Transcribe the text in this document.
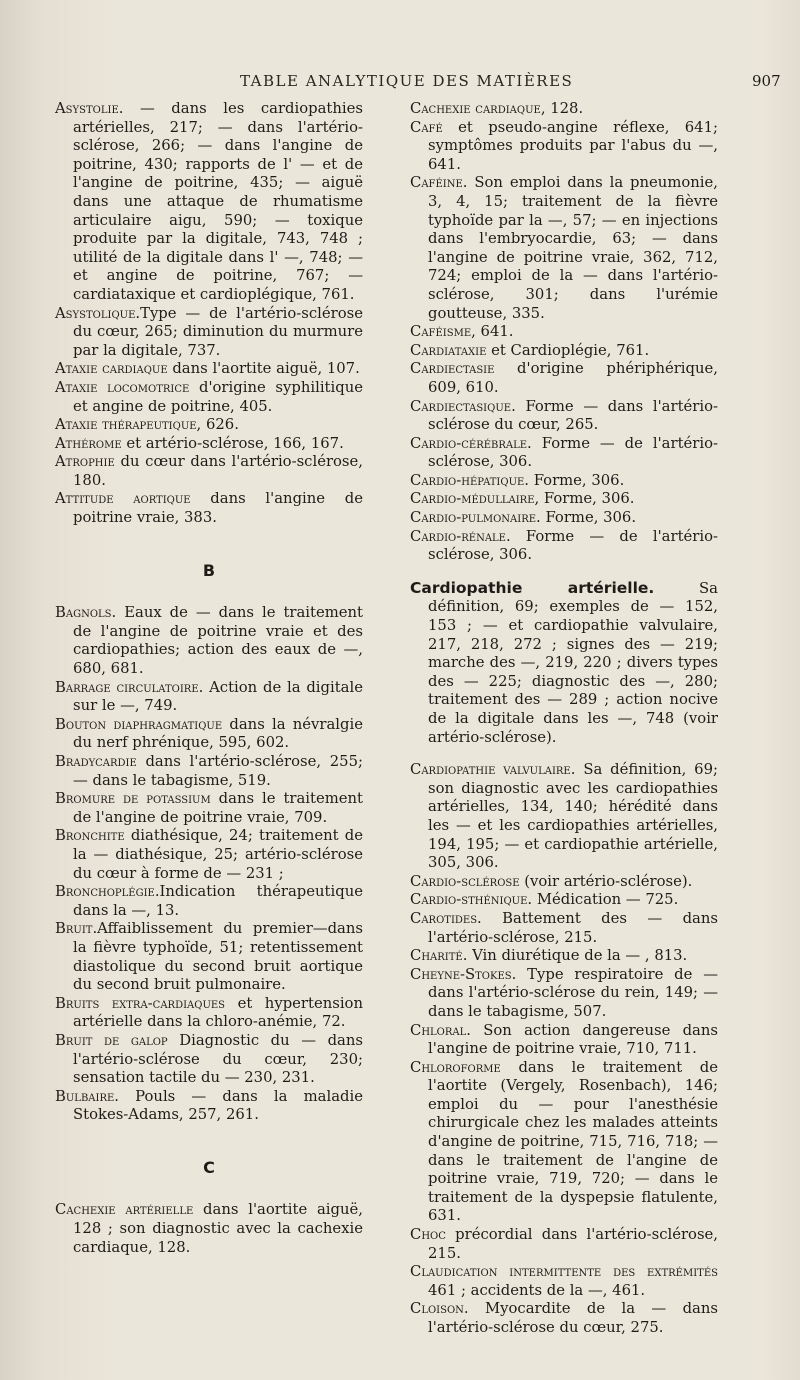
TABLE ANALYTIQUE DES MATIÈRES	907

Asystolie. — dans les cardiopathies artérielles, 217; — dans l'artério-sclérose, 266; — dans l'angine de poitrine, 430; rapports de l' — et de l'angine de poitrine, 435; — aiguë dans une attaque de rhumatisme articulaire aigu, 590; — toxique produite par la digitale, 743, 748 ; utilité de la digitale dans l' —, 748; — et angine de poitrine, 767; — cardiataxique et cardioplégique, 761.

Asystolique.Type — de l'artério-sclérose du cœur, 265; diminution du murmure par la digitale, 737.

Ataxie cardiaque dans l'aortite aiguë, 107.

Ataxie locomotrice d'origine syphilitique et angine de poitrine, 405.

Ataxie thérapeutique, 626.

Athérome et artério-sclérose, 166, 167.

Atrophie du cœur dans l'artério-sclérose, 180.

Attitude aortique dans l'angine de poitrine vraie, 383.

B

Bagnols. Eaux de — dans le traitement de l'angine de poitrine vraie et des cardiopathies; action des eaux de —, 680, 681.

Barrage circulatoire. Action de la digitale sur le —, 749.

Bouton diaphragmatique dans la névralgie du nerf phrénique, 595, 602.

Bradycardie dans l'artério-sclérose, 255; — dans le tabagisme, 519.

Bromure de potassium dans le traitement de l'angine de poitrine vraie, 709.

Bronchite diathésique, 24; traitement de la — diathésique, 25; artério-sclérose du cœur à forme de — 231 ;

Bronchoplégie.Indication thérapeutique dans la —, 13.

Bruit.Affaiblissement du premier—dans la fièvre typhoïde, 51; retentissement diastolique du second bruit aortique du second bruit pulmonaire.

Bruits extra-cardiaques et hypertension artérielle dans la chloro-anémie, 72.

Bruit de galop Diagnostic du — dans l'artério-sclérose du cœur, 230; sensation tactile du — 230, 231.

Bulbaire. Pouls — dans la maladie Stokes-Adams, 257, 261.

C

Cachexie artérielle dans l'aortite aiguë, 128 ; son diagnostic avec la cachexie cardiaque, 128.

Cachexie cardiaque, 128.

Café et pseudo-angine réflexe, 641; symptômes produits par l'abus du —, 641.

Caféine. Son emploi dans la pneumonie, 3, 4, 15; traitement de la fièvre typhoïde par la —, 57; — en injections dans l'embryocardie, 63; — dans l'angine de poitrine vraie, 362, 712, 724; emploi de la — dans l'artério-sclérose, 301; dans l'urémie goutteuse, 335.

Caféisme, 641.

Cardiataxie et Cardioplégie, 761.

Cardiectasie d'origine phériphérique, 609, 610.

Cardiectasique. Forme — dans l'artério-sclérose du cœur, 265.

Cardio-cérébrale. Forme — de l'artério-sclérose, 306.

Cardio-hépatique. Forme, 306.

Cardio-médullaire, Forme, 306.

Cardio-pulmonaire. Forme, 306.

Cardio-rénale. Forme — de l'artério-sclérose, 306.

Cardiopathie artérielle. Sa définition, 69; exemples de — 152, 153 ; — et cardiopathie valvulaire, 217, 218, 272 ; signes des — 219; marche des —, 219, 220 ; divers types des — 225; diagnostic des —, 280; traitement des — 289 ; action nocive de la digitale dans les —, 748 (voir artério-sclérose).

Cardiopathie valvulaire. Sa définition, 69; son diagnostic avec les cardiopathies artérielles, 134, 140; hérédité dans les — et les cardiopathies artérielles, 194, 195; — et cardiopathie artérielle, 305, 306.

Cardio-sclérose (voir artério-sclérose).

Cardio-sthénique. Médication — 725.

Carotides. Battement des — dans l'artério-sclérose, 215.

Charité. Vin diurétique de la — , 813.

Cheyne-Stokes. Type respiratoire de — dans l'artério-sclérose du rein, 149; — dans le tabagisme, 507.

Chloral. Son action dangereuse dans l'angine de poitrine vraie, 710, 711.

Chloroforme dans le traitement de l'aortite (Vergely, Rosenbach), 146; emploi du — pour l'anesthésie chirurgicale chez les malades atteints d'angine de poitrine, 715, 716, 718; — dans le traitement de l'angine de poitrine vraie, 719, 720; — dans le traitement de la dyspepsie flatulente, 631.

Choc précordial dans l'artério-sclérose, 215.

Claudication intermittente des extrémités 461 ; accidents de la —, 461.

Cloison. Myocardite de la — dans l'artério-sclérose du cœur, 275.
